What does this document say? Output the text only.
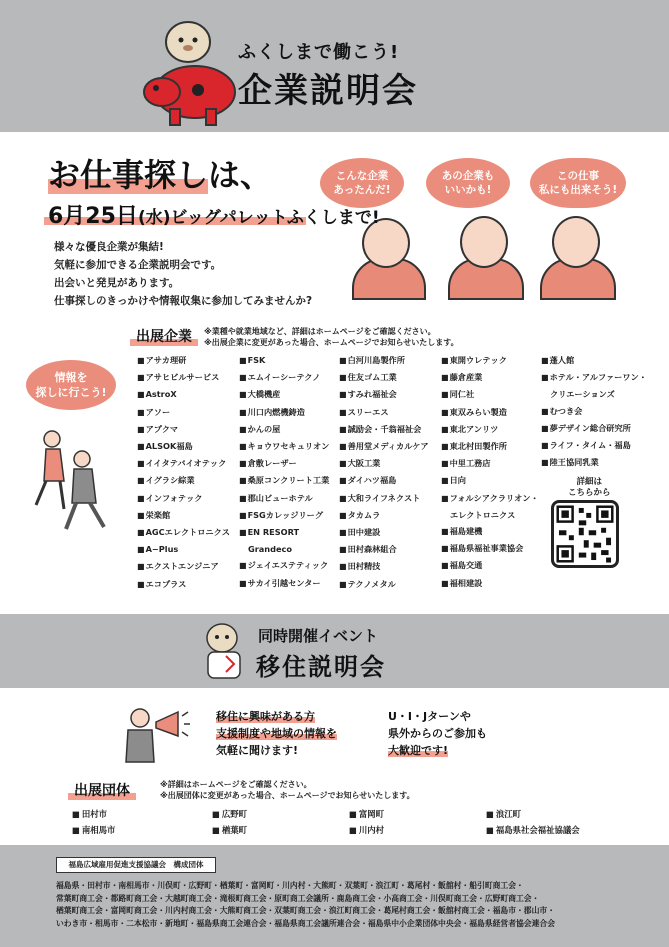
ふくしまで働こう!
企業説明会
お仕事探しは、
6月25日(水)ビッグパレットふくしまで!
様々な優良企業が集結!
気軽に参加できる企業説明会です。
出会いと発見があります。
仕事探しのきっかけや情報収集に参加してみませんか?
こんな企業
あったんだ!
あの企業も
いいかも!
この仕事
私にも出来そう!
出展企業 ※業種や就業地域など、詳細はホームページをご確認ください。
※出展企業に変更があった場合、ホームページでお知らせいたします。
情報を
探しに行こう!
■ アサカ理研
■ アサヒビルサービス
■ AstroX
■ アソー
■ アプクマ
■ ALSOK福島
■ イイタテバイオテック
■ イグラシ綜業
■ インフォテック
■ 栄楽館
■ AGCエレクトロニクス
■ A−Plus
■ エクストエンジニア
■ エコプラス
■ FSK
■ エムイーシーテクノ
■ 大橋機産
■ 川口内燃機鋳造
■ かんの屋
■ キョウワセキュリオン
■ 倉敷レーザー
■ 桑原コンクリート工業
■ 郡山ビューホテル
■ FSGカレッジリーグ
■ EN RESORT
Grandeco
■ ジェイエステティック
■ サカイ引越センター
■ 白河川島製作所
■ 住友ゴム工業
■ すみれ福祉会
■ スリーエス
■ 誠励会・千翁福祉会
■ 善用堂メディカルケア
■ 大阪工業
■ ダイハツ福島
■ 大和ライフネクスト
■ タカムラ
■ 田中建設
■ 田村森林組合
■ 田村精技
■ テクノメタル
■ 東開ウレテック
■ 藤倉産業
■ 同仁社
■ 東双みらい製造
■ 東北アンリツ
■ 東北村田製作所
■ 中里工務店
■ 日向
■ フォルシアクラリオン・
エレクトロニクス
■ 福島建機
■ 福島県福祉事業協会
■ 福島交通
■ 福相建設
■ 蓬人館
■ ホテル・アルファーワン・
クリエーションズ
■ むつき会
■ 夢デザイン総合研究所
■ ライフ・タイム・福島
■ 陸王協同乳業
詳細は
こちらから
同時開催イベント
移住説明会
移住に興味がある方
支援制度や地域の情報を
気軽に聞けます!
U・I・Jターンや
県外からのご参加も
大歓迎です!
出展団体	※詳細はホームページをご確認ください。
※出展団体に変更があった場合、ホームページでお知らせいたします。
■ 田村市
■ 南相馬市
■ 広野町
■ 楢葉町
■ 富岡町
■ 川内村
■ 浪江町
■ 福島県社会福祉協議会
福島広域雇用促進支援協議会　構成団体
福島県・田村市・南相馬市・川俣町・広野町・楢葉町・富岡町・川内村・大熊町・双葉町・浪江町・葛尾村・飯舘村・船引町商工会・
常葉町商工会・都路町商工会・大越町商工会・滝根町商工会・原町商工会議所・鹿島商工会・小高商工会・川俣町商工会・広野町商工会・
楢葉町商工会・富岡町商工会・川内村商工会・大熊町商工会・双葉町商工会・浪江町商工会・葛尾村商工会・飯舘村商工会・福島市・郡山市・
いわき市・相馬市・二本松市・新地町・福島県商工会連合会・福島県商工会議所連合会・福島県中小企業団体中央会・福島県経営者協会連合会
